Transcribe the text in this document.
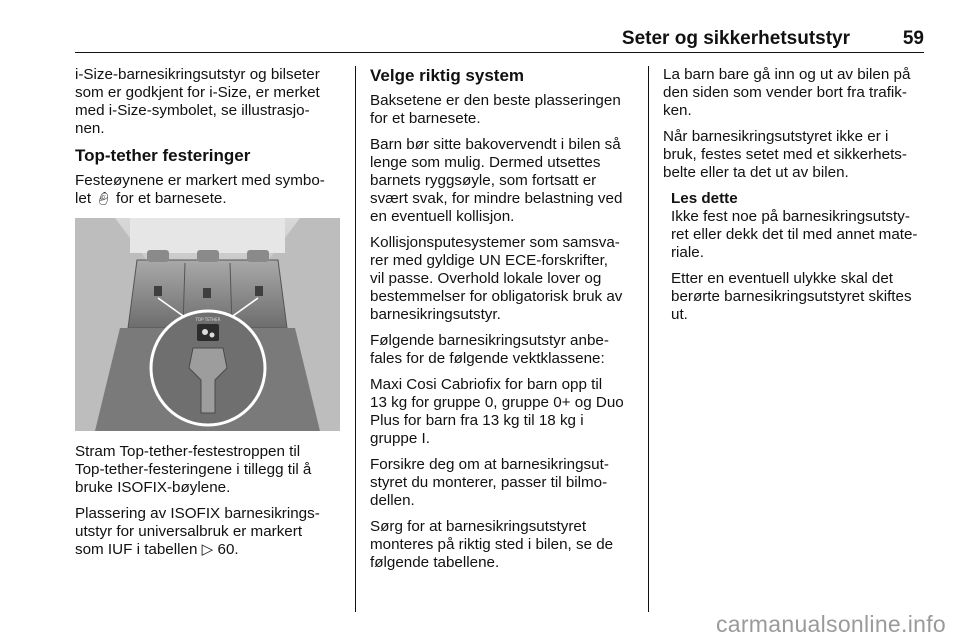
Seter og sikkerhetsutstyr	59

i-Size-barnesikringsutstyr og bilseter
som er godkjent for i-Size, er merket
med i-Size-symbolet, se illustrasjo-
nen.

Top-tether festeringer

Festeøynene er markert med symbo-
let 👶︎ for et barnesete.

TOP TETHER

Stram Top-tether-festestroppen til
Top-tether-festeringene i tillegg til å
bruke ISOFIX-bøylene.

Plassering av ISOFIX barnesikrings-
utstyr for universalbruk er markert
som IUF i tabellen ▷ 60.

Velge riktig system

Baksetene er den beste plasseringen
for et barnesete.

Barn bør sitte bakovervendt i bilen så
lenge som mulig. Dermed utsettes
barnets ryggsøyle, som fortsatt er
svært svak, for mindre belastning ved
en eventuell kollisjon.

Kollisjonsputesystemer som samsva-
rer med gyldige UN ECE-forskrifter,
vil passe. Overhold lokale lover og
bestemmelser for obligatorisk bruk av
barnesikringsutstyr.

Følgende barnesikringsutstyr anbe-
fales for de følgende vektklassene:

Maxi Cosi Cabriofix for barn opp til
13 kg for gruppe 0, gruppe 0+ og Duo
Plus for barn fra 13 kg til 18 kg i
gruppe I.

Forsikre deg om at barnesikringsut-
styret du monterer, passer til bilmo-
dellen.

Sørg for at barnesikringsutstyret
monteres på riktig sted i bilen, se de
følgende tabellene.

La barn bare gå inn og ut av bilen på
den siden som vender bort fra trafik-
ken.

Når barnesikringsutstyret ikke er i
bruk, festes setet med et sikkerhets-
belte eller ta det ut av bilen.

Les dette

Ikke fest noe på barnesikringsutsty-
ret eller dekk det til med annet mate-
riale.

Etter en eventuell ulykke skal det
berørte barnesikringsutstyret skiftes
ut.

carmanualsonline.info
